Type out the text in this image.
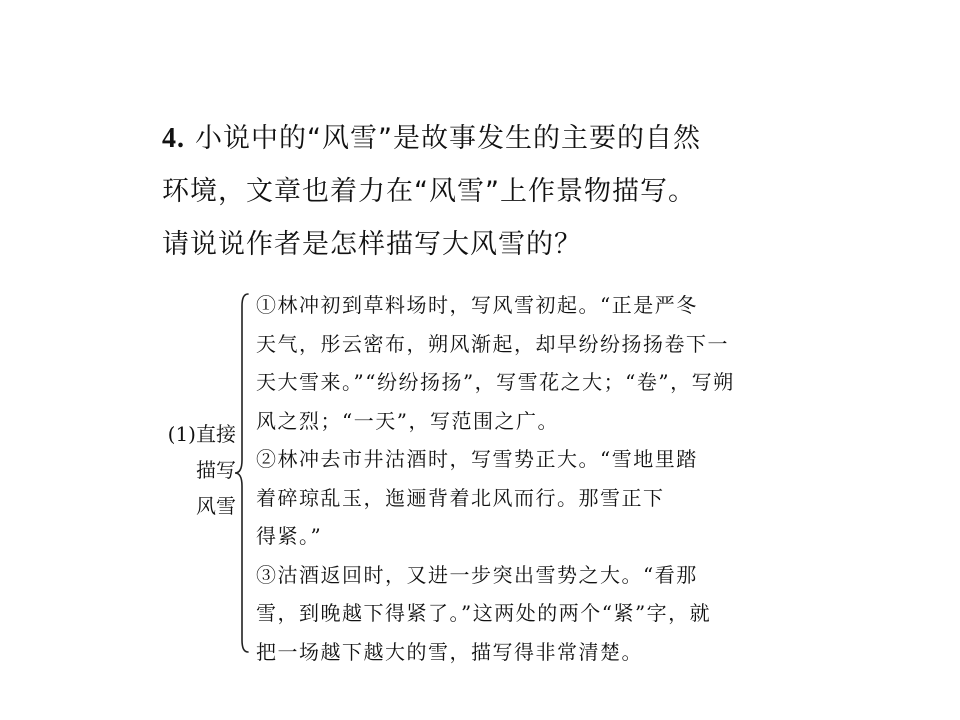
4. 小说中的“风雪”是故事发生的主要的自然
环境，文章也着力在“风雪”上作景物描写。
请说说作者是怎样描写大风雪的？
(1)直接
描写
风雪
①林冲初到草料场时，写风雪初起。“正是严冬
天气，彤云密布，朔风渐起，却早纷纷扬扬卷下一
天大雪来。”“纷纷扬扬”，写雪花之大；“卷”，写朔
风之烈；“一天”，写范围之广。
②林冲去市井沽酒时，写雪势正大。“雪地里踏
着碎琼乱玉，迤逦背着北风而行。那雪正下
得紧。”
③沽酒返回时，又进一步突出雪势之大。“看那
雪，到晚越下得紧了。”这两处的两个“紧”字，就
把一场越下越大的雪，描写得非常清楚。
